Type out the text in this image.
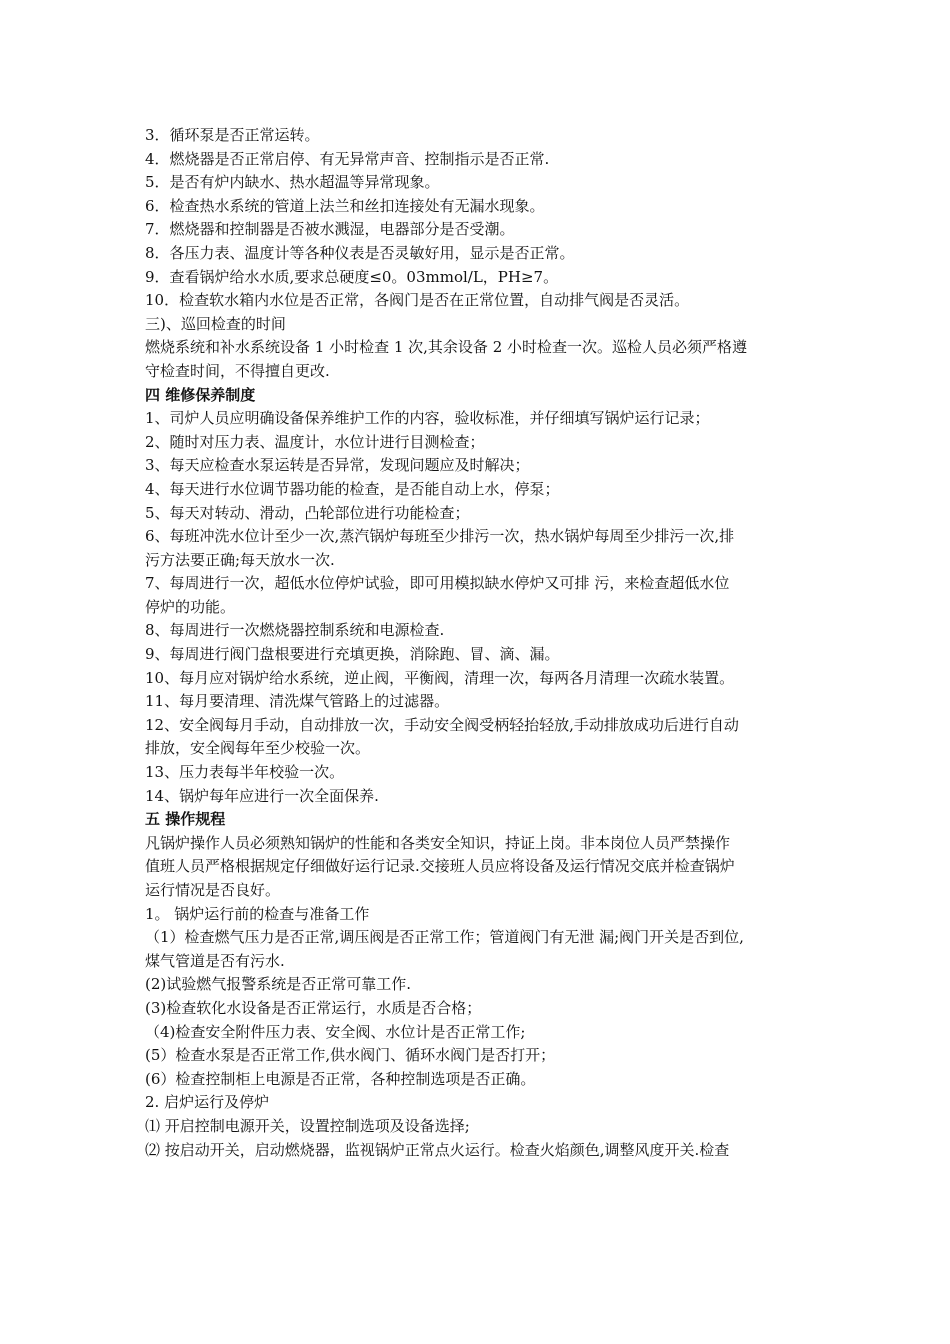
3．循环泵是否正常运转。
4．燃烧器是否正常启停、有无异常声音、控制指示是否正常.
5．是否有炉内缺水、热水超温等异常现象。
6．检查热水系统的管道上法兰和丝扣连接处有无漏水现象。
7．燃烧器和控制器是否被水溅湿，电器部分是否受潮。
8．各压力表、温度计等各种仪表是否灵敏好用，显示是否正常。
9．查看锅炉给水水质,要求总硬度≤0。03mmol/L，PH≥7。
10．检查软水箱内水位是否正常，各阀门是否在正常位置，自动排气阀是否灵活。
三)、巡回检查的时间
燃烧系统和补水系统设备 1 小时检查 1 次,其余设备 2 小时检查一次。巡检人员必须严格遵
守检查时间，不得擅自更改.
四 维修保养制度
1、司炉人员应明确设备保养维护工作的内容，验收标准，并仔细填写锅炉运行记录；
2、随时对压力表、温度计，水位计进行目测检查；
3、每天应检查水泵运转是否异常，发现问题应及时解决；
4、每天进行水位调节器功能的检查，是否能自动上水，停泵；
5、每天对转动、滑动，凸轮部位进行功能检查；
6、每班冲洗水位计至少一次,蒸汽锅炉每班至少排污一次，热水锅炉每周至少排污一次,排
污方法要正确;每天放水一次.
7、每周进行一次，超低水位停炉试验，即可用模拟缺水停炉又可排 污，来检查超低水位
停炉的功能。
8、每周进行一次燃烧器控制系统和电源检查.
9、每周进行阀门盘根要进行充填更换，消除跑、冒、滴、漏。
10、每月应对锅炉给水系统，逆止阀，平衡阀，清理一次，每两各月清理一次疏水装置。
11、每月要清理、清洗煤气管路上的过滤器。
12、安全阀每月手动，自动排放一次，手动安全阀受柄轻抬轻放,手动排放成功后进行自动
排放，安全阀每年至少校验一次。
13、压力表每半年校验一次。
14、锅炉每年应进行一次全面保养.
五 操作规程
凡锅炉操作人员必须熟知锅炉的性能和各类安全知识，持证上岗。非本岗位人员严禁操作
值班人员严格根据规定仔细做好运行记录.交接班人员应将设备及运行情况交底并检查锅炉
运行情况是否良好。
1。 锅炉运行前的检查与准备工作
（1）检查燃气压力是否正常,调压阀是否正常工作；管道阀门有无泄 漏;阀门开关是否到位,
煤气管道是否有污水.
(2)试验燃气报警系统是否正常可靠工作.
(3)检查软化水设备是否正常运行，水质是否合格；
（4)检查安全附件压力表、安全阀、水位计是否正常工作;
(5）检查水泵是否正常工作,供水阀门、循环水阀门是否打开；
(6）检查控制柜上电源是否正常，各种控制选项是否正确。
2. 启炉运行及停炉
⑴ 开启控制电源开关，设置控制选项及设备选择;
⑵ 按启动开关，启动燃烧器，监视锅炉正常点火运行。检查火焰颜色,调整风度开关.检查
